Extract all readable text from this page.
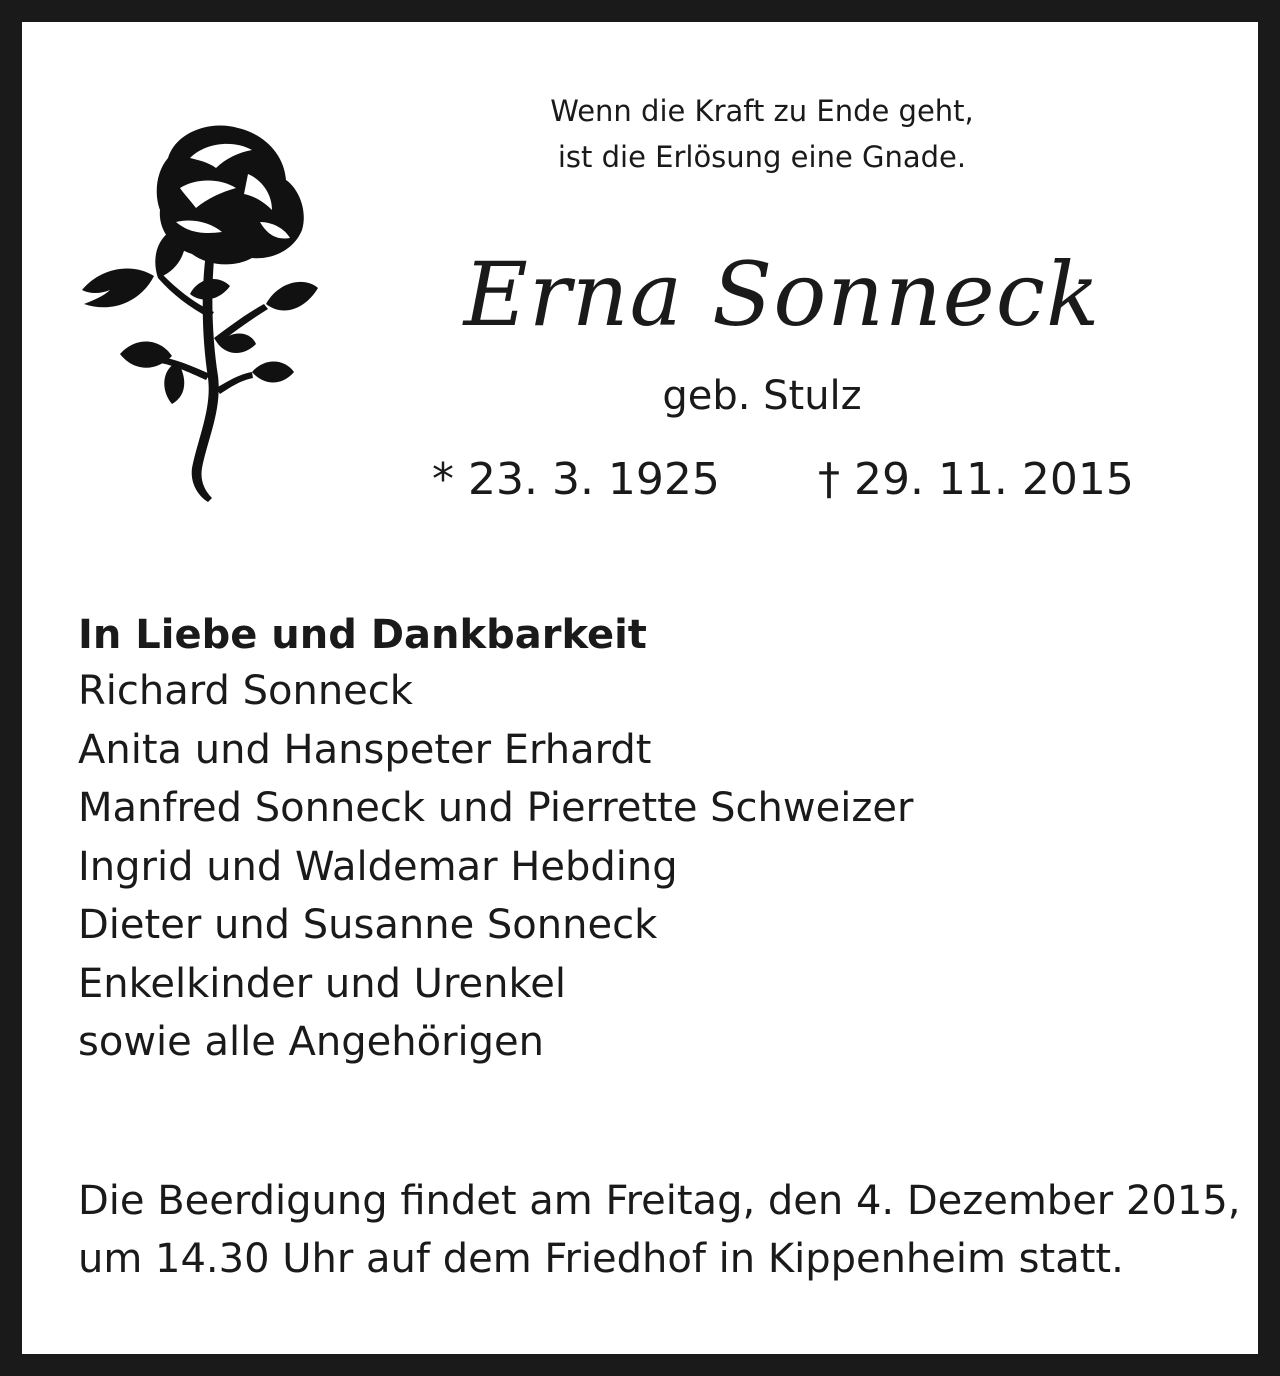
Wenn die Kraft zu Ende geht,
ist die Erlösung eine Gnade.
Erna Sonneck
geb. Stulz
* 23. 3. 1925 † 29. 11. 2015
In Liebe und Dankbarkeit
Richard Sonneck
Anita und Hanspeter Erhardt
Manfred Sonneck und Pierrette Schweizer
Ingrid und Waldemar Hebding
Dieter und Susanne Sonneck
Enkelkinder und Urenkel
sowie alle Angehörigen
Die Beerdigung findet am Freitag, den 4. Dezember 2015,
um 14.30 Uhr auf dem Friedhof in Kippenheim statt.
